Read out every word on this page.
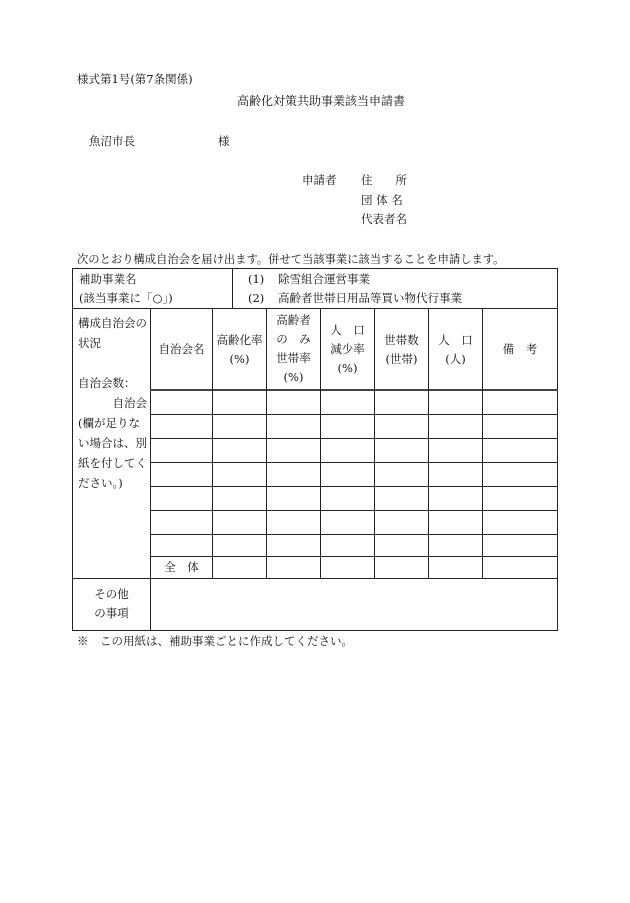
様式第1号(第7条関係)
高齢化対策共助事業該当申請書
魚沼市長	様
申請者 住　　所
団 体 名
代表者名
次のとおり構成自治会を届け出ます。併せて当該事業に該当することを申請します。
補助事業名
(該当事業に「○」)
(1) 除雪組合運営事業
(2) 高齢者世帯日用品等買い物代行事業
構成自治会の
状況

自治会数：
　　　自治会
(欄が足りな
い場合は、別
紙を付してく
ださい。)
自治会名
高齢化率
(%)
高齢者
の　み
世帯率
(%)
人　口
減少率
(%)
世帯数
(世帯)
人　口
(人)
備　考
全　体
その他
の事項
※　この用紙は、補助事業ごとに作成してください。
